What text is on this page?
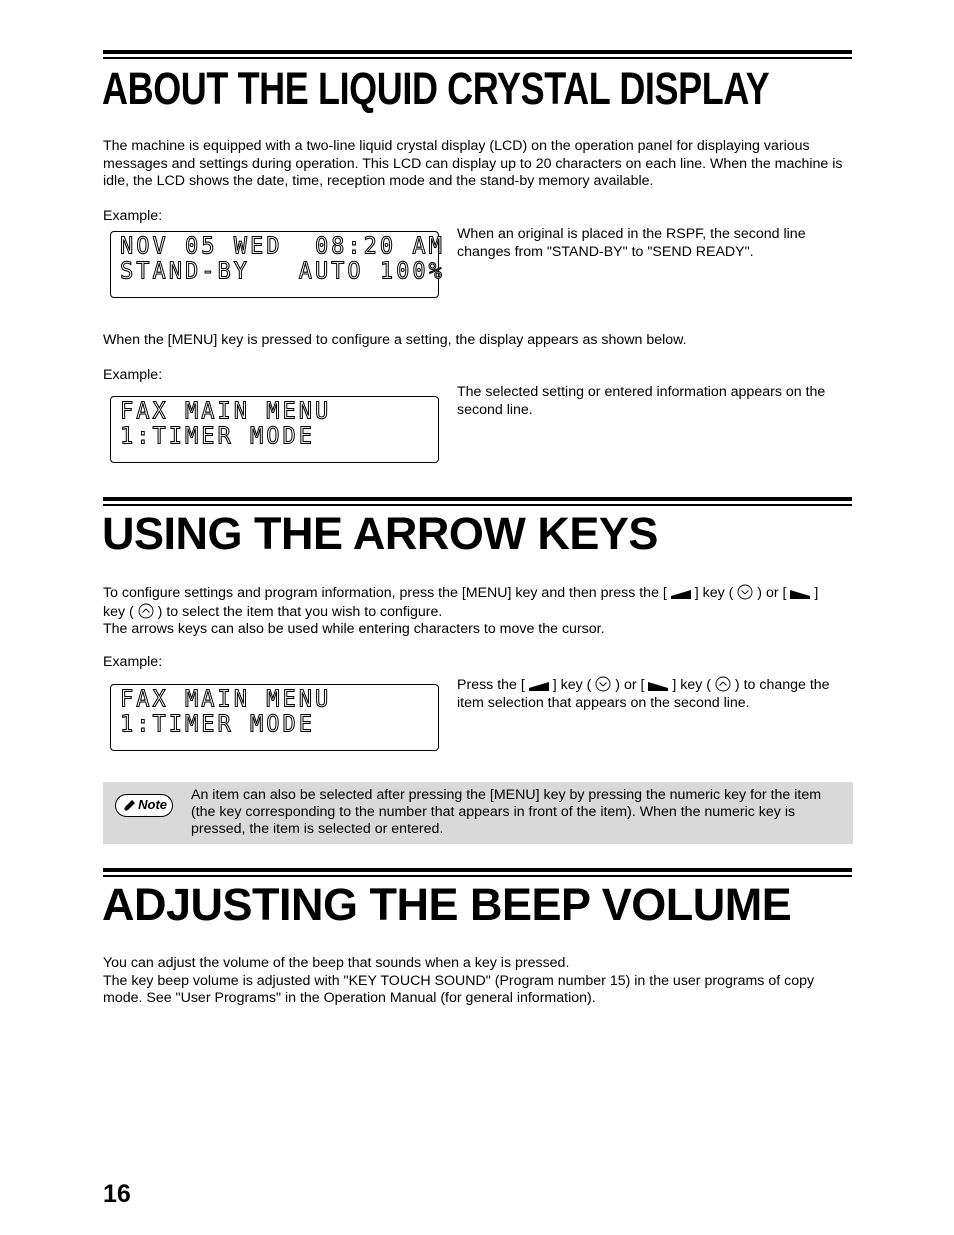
ABOUT THE LIQUID CRYSTAL DISPLAY

The machine is equipped with a two-line liquid crystal display (LCD) on the operation panel for displaying various messages and settings during operation. This LCD can display up to 20 characters on each line. When the machine is idle, the LCD shows the date, time, reception mode and the stand-by memory available.

Example:

NOV 05 WED  08:20 AM
STAND-BY   AUTO 100%

When an original is placed in the RSPF, the second line changes from "STAND-BY" to "SEND READY".

When the [MENU] key is pressed to configure a setting, the display appears as shown below.

Example:

FAX MAIN MENU
1:TIMER MODE

The selected setting or entered information appears on the second line.

USING THE ARROW KEYS
To configure settings and program information, press the [MENU] key and then press the [ ] key ( ) or [ ]
key ( ) to select the item that you wish to configure.
The arrows keys can also be used while entering characters to move the cursor.

Example:

FAX MAIN MENU
1:TIMER MODE
Press the [ ] key ( ) or [ ] key ( ) to change the
item selection that appears on the second line.
Note

An item can also be selected after pressing the [MENU] key by pressing the numeric key for the item (the key corresponding to the number that appears in front of the item). When the numeric key is pressed, the item is selected or entered.

ADJUSTING THE BEEP VOLUME
You can adjust the volume of the beep that sounds when a key is pressed.
The key beep volume is adjusted with "KEY TOUCH SOUND" (Program number 15) in the user programs of copy mode. See "User Programs" in the Operation Manual (for general information).
16
